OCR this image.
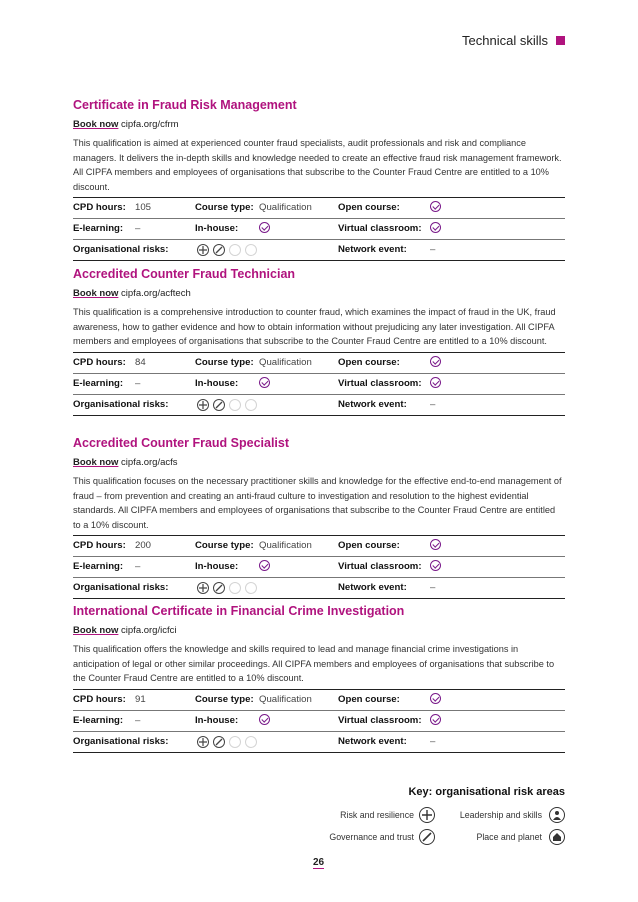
Technical skills
Certificate in Fraud Risk Management
Book now cipfa.org/cfrm
This qualification is aimed at experienced counter fraud specialists, audit professionals and risk and compliance managers. It delivers the in-depth skills and knowledge needed to create an effective fraud risk management framework. All CIPFA members and employees of organisations that subscribe to the Counter Fraud Centre are entitled to a 10% discount.
CPD hours: 105	Course type: Qualification	Open course:
E-learning: –	In-house:	Virtual classroom:
Organisational risks:	Network event: –
Accredited Counter Fraud Technician
Book now cipfa.org/acftech
This qualification is a comprehensive introduction to counter fraud, which examines the impact of fraud in the UK, fraud awareness, how to gather evidence and how to obtain information without prejudicing any later investigation. All CIPFA members and employees of organisations that subscribe to the Counter Fraud Centre are entitled to a 10% discount.
CPD hours: 84	Course type: Qualification	Open course:
E-learning: –	In-house:	Virtual classroom:
Organisational risks:	Network event: –
Accredited Counter Fraud Specialist
Book now cipfa.org/acfs
This qualification focuses on the necessary practitioner skills and knowledge for the effective end-to-end management of fraud – from prevention and creating an anti-fraud culture to investigation and resolution to the highest evidential standards. All CIPFA members and employees of organisations that subscribe to the Counter Fraud Centre are entitled to a 10% discount.
CPD hours: 200	Course type: Qualification	Open course:
E-learning: –	In-house:	Virtual classroom:
Organisational risks:	Network event: –
International Certificate in Financial Crime Investigation
Book now cipfa.org/icfci
This qualification offers the knowledge and skills required to lead and manage financial crime investigations in anticipation of legal or other similar proceedings. All CIPFA members and employees of organisations that subscribe to the Counter Fraud Centre are entitled to a 10% discount.
CPD hours: 91	Course type: Qualification	Open course:
E-learning: –	In-house:	Virtual classroom:
Organisational risks:	Network event: –
Key: organisational risk areas
Risk and resilience	Leadership and skills
Governance and trust	Place and planet
26
